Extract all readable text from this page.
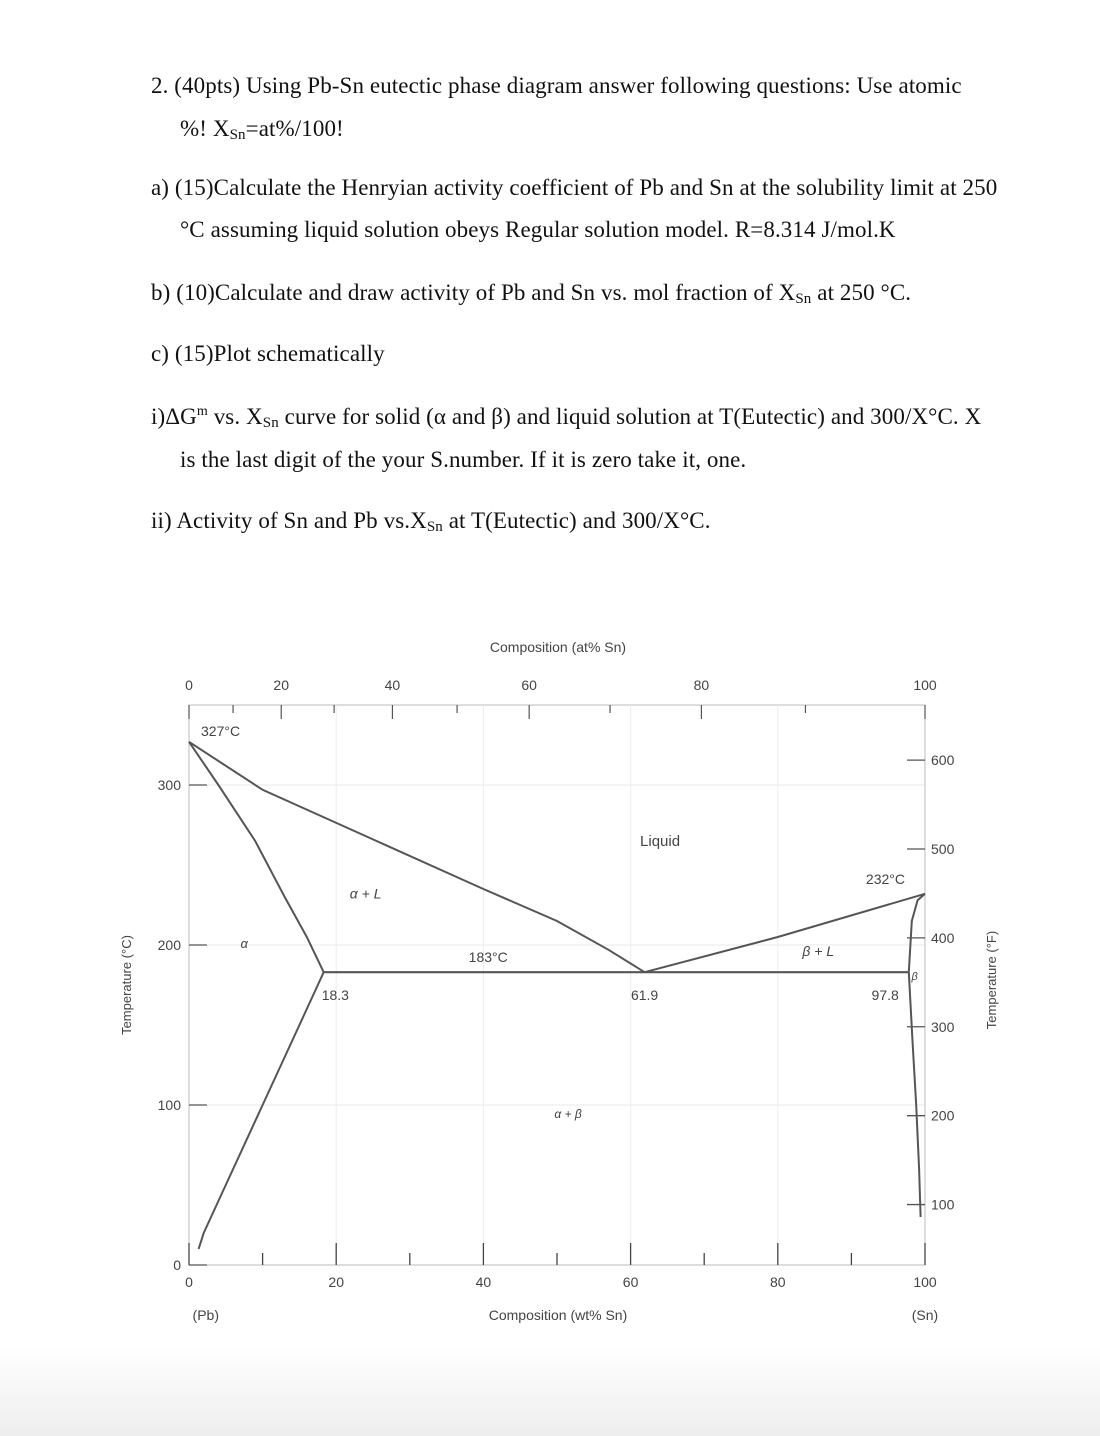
2. (40pts) Using Pb-Sn eutectic phase diagram answer following questions: Use atomic
%! XSn=at%/100!
a) (15)Calculate the Henryian activity coefficient of Pb and Sn at the solubility limit at 250
°C assuming liquid solution obeys Regular solution model. R=8.314 J/mol.K
b) (10)Calculate and draw activity of Pb and Sn vs. mol fraction of XSn at 250 °C.
c) (15)Plot schematically
$i)\Delta G^m$ vs. XSn curve for solid (α and β) and liquid solution at T(Eutectic) and 300/X°C. X
is the last digit of the your S.number. If it is zero take it, one.
ii) Activity of Sn and Pb vs.XSn at T(Eutectic) and 300/X°C.
0	20	40	60	80	100
(Pb)	(Sn)
Composition (wt% Sn)
0	20	40	60	80	100
Composition (at% Sn)
0
100
200
300
Temperature (°C)
100
200
300
400
500
600
Temperature (°F)
327°C
232°C
183°C
18.3	61.9	97.8
Liquid
α + L
β + L
α + β
α
β
